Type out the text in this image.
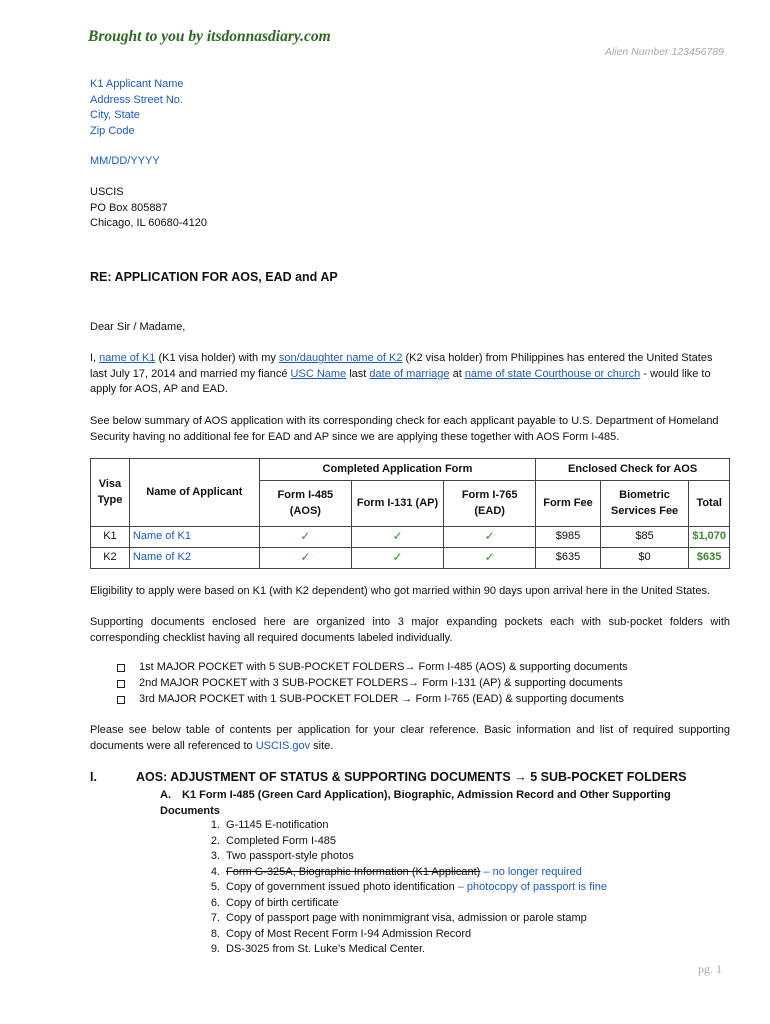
Brought to you by itsdonnasdiary.com
Alien Number 123456789
K1 Applicant Name
Address Street No.
City, State
Zip Code
MM/DD/YYYY
USCIS
PO Box 805887
Chicago, IL 60680-4120
RE: APPLICATION FOR AOS, EAD and AP
Dear Sir / Madame,
I, name of K1 (K1 visa holder) with my son/daughter name of K2 (K2 visa holder) from Philippines has entered the United States last July 17, 2014 and married my fiancé USC Name last date of marriage at name of state Courthouse or church - would like to apply for AOS, AP and EAD.
See below summary of AOS application with its corresponding check for each applicant payable to U.S. Department of Homeland Security having no additional fee for EAD and AP since we are applying these together with AOS Form I-485.
Visa Type	Name of Applicant	Completed Application Form			Enclosed Check for AOS		
		Form I-485 (AOS)	Form I-131 (AP)	Form I-765 (EAD)	Form Fee	Biometric Services Fee	Total
K1	Name of K1	✓	✓	✓	$985	$85	$1,070
K2	Name of K2	✓	✓	✓	$635	$0	$635
Eligibility to apply were based on K1 (with K2 dependent) who got married within 90 days upon arrival here in the United States.
Supporting documents enclosed here are organized into 3 major expanding pockets each with sub-pocket folders with corresponding checklist having all required documents labeled individually.
1st MAJOR POCKET with 5 SUB-POCKET FOLDERS→ Form I-485 (AOS) & supporting documents
2nd MAJOR POCKET with 3 SUB-POCKET FOLDERS→ Form I-131 (AP) & supporting documents
3rd MAJOR POCKET with 1 SUB-POCKET FOLDER → Form I-765 (EAD) & supporting documents
Please see below table of contents per application for your clear reference. Basic information and list of required supporting documents were all referenced to USCIS.gov site.
I.	AOS: ADJUSTMENT OF STATUS & SUPPORTING DOCUMENTS → 5 SUB-POCKET FOLDERS
A. K1 Form I-485 (Green Card Application), Biographic, Admission Record and Other Supporting Documents
1. G-1145 E-notification
2. Completed Form I-485
3. Two passport-style photos
4. Form G-325A, Biographic Information (K1 Applicant) – no longer required
5. Copy of government issued photo identification – photocopy of passport is fine
6. Copy of birth certificate
7. Copy of passport page with nonimmigrant visa, admission or parole stamp
8. Copy of Most Recent Form I-94 Admission Record
9. DS-3025 from St. Luke’s Medical Center.
pg. 1
